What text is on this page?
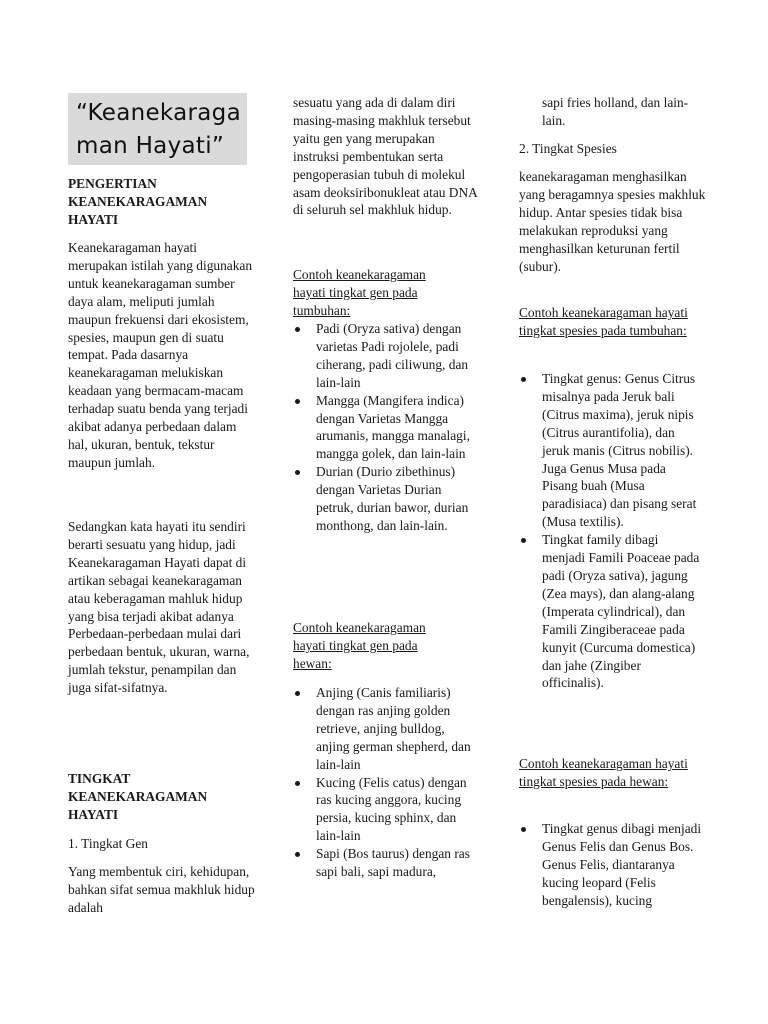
“Keanekaraga
man Hayati”

PENGERTIAN KEANEKARAGAMAN HAYATI

Keanekaragaman hayati merupakan istilah yang digunakan untuk keanekaragaman sumber daya alam, meliputi jumlah maupun frekuensi dari ekosistem, spesies, maupun gen di suatu tempat. Pada dasarnya keanekaragaman melukiskan keadaan yang bermacam-macam terhadap suatu benda yang terjadi akibat adanya perbedaan dalam hal, ukuran, bentuk, tekstur maupun jumlah.

Sedangkan kata hayati itu sendiri berarti sesuatu yang hidup, jadi Keanekaragaman Hayati dapat di artikan sebagai keanekaragaman atau keberagaman mahluk hidup yang bisa terjadi akibat adanya Perbedaan-perbedaan mulai dari perbedaan bentuk, ukuran, warna, jumlah tekstur, penampilan dan juga sifat-sifatnya.

TINGKAT KEANEKARAGAMAN HAYATI

1. Tingkat Gen

Yang membentuk ciri, kehidupan, bahkan sifat semua makhluk hidup adalah

sesuatu yang ada di dalam diri masing-masing makhluk tersebut yaitu gen yang merupakan instruksi pembentukan serta pengoperasian tubuh di molekul asam deoksiribonukleat atau DNA di seluruh sel makhluk hidup.

Contoh keanekaragaman hayati tingkat gen pada tumbuhan:

Padi (Oryza sativa) dengan varietas Padi rojolele, padi ciherang, padi ciliwung, dan lain-lain
Mangga (Mangifera indica) dengan Varietas Mangga arumanis, mangga manalagi, mangga golek, dan lain-lain
Durian (Durio zibethinus) dengan Varietas Durian petruk, durian bawor, durian monthong, dan lain-lain.

Contoh keanekaragaman hayati tingkat gen pada hewan:

Anjing (Canis familiaris) dengan ras anjing golden retrieve, anjing bulldog, anjing german shepherd, dan lain-lain
Kucing (Felis catus) dengan ras kucing anggora, kucing persia, kucing sphinx, dan lain-lain
Sapi (Bos taurus) dengan ras sapi bali, sapi madura,

sapi fries holland, dan lain-lain.

2. Tingkat Spesies

keanekaragaman menghasilkan yang beragamnya spesies makhluk hidup. Antar spesies tidak bisa melakukan reproduksi yang menghasilkan keturunan fertil (subur).

Contoh keanekaragaman hayati tingkat spesies pada tumbuhan:

Tingkat genus: Genus Citrus misalnya pada Jeruk bali (Citrus maxima), jeruk nipis (Citrus aurantifolia), dan jeruk manis (Citrus nobilis). Juga Genus Musa pada Pisang buah (Musa paradisiaca) dan pisang serat (Musa textilis).
Tingkat family dibagi menjadi Famili Poaceae pada padi (Oryza sativa), jagung (Zea mays), dan alang-alang (Imperata cylindrical), dan Famili Zingiberaceae pada kunyit (Curcuma domestica) dan jahe (Zingiber officinalis).

Contoh keanekaragaman hayati tingkat spesies pada hewan:

Tingkat genus dibagi menjadi Genus Felis dan Genus Bos. Genus Felis, diantaranya kucing leopard (Felis bengalensis), kucing
